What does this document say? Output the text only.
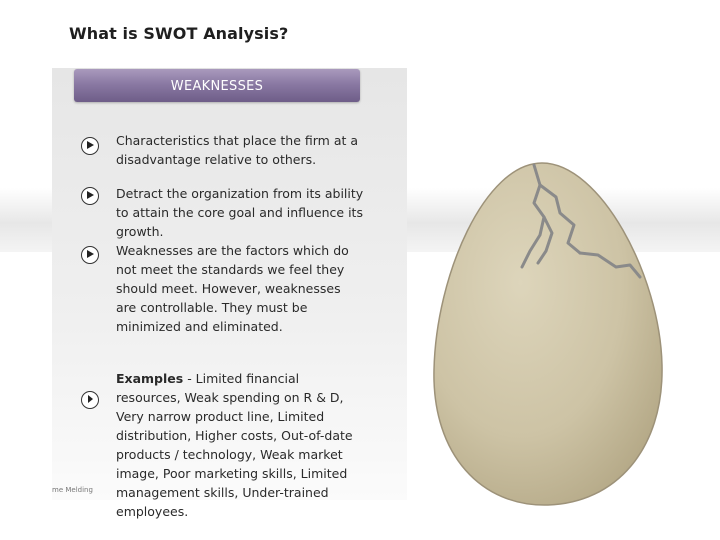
What is SWOT Analysis?
WEAKNESSES
Characteristics that place the firm at a disadvantage relative to others.
Detract the organization from its ability to attain the core goal and influence its growth.
Weaknesses are the factors which do not meet the standards we feel they should meet. However, weaknesses are controllable. They must be minimized and eliminated.
Examples - Limited financial resources, Weak spending on R & D, Very narrow product line, Limited distribution, Higher costs, Out-of-date products / technology, Weak market image, Poor marketing skills, Limited management skills, Under-trained employees.
me Melding
